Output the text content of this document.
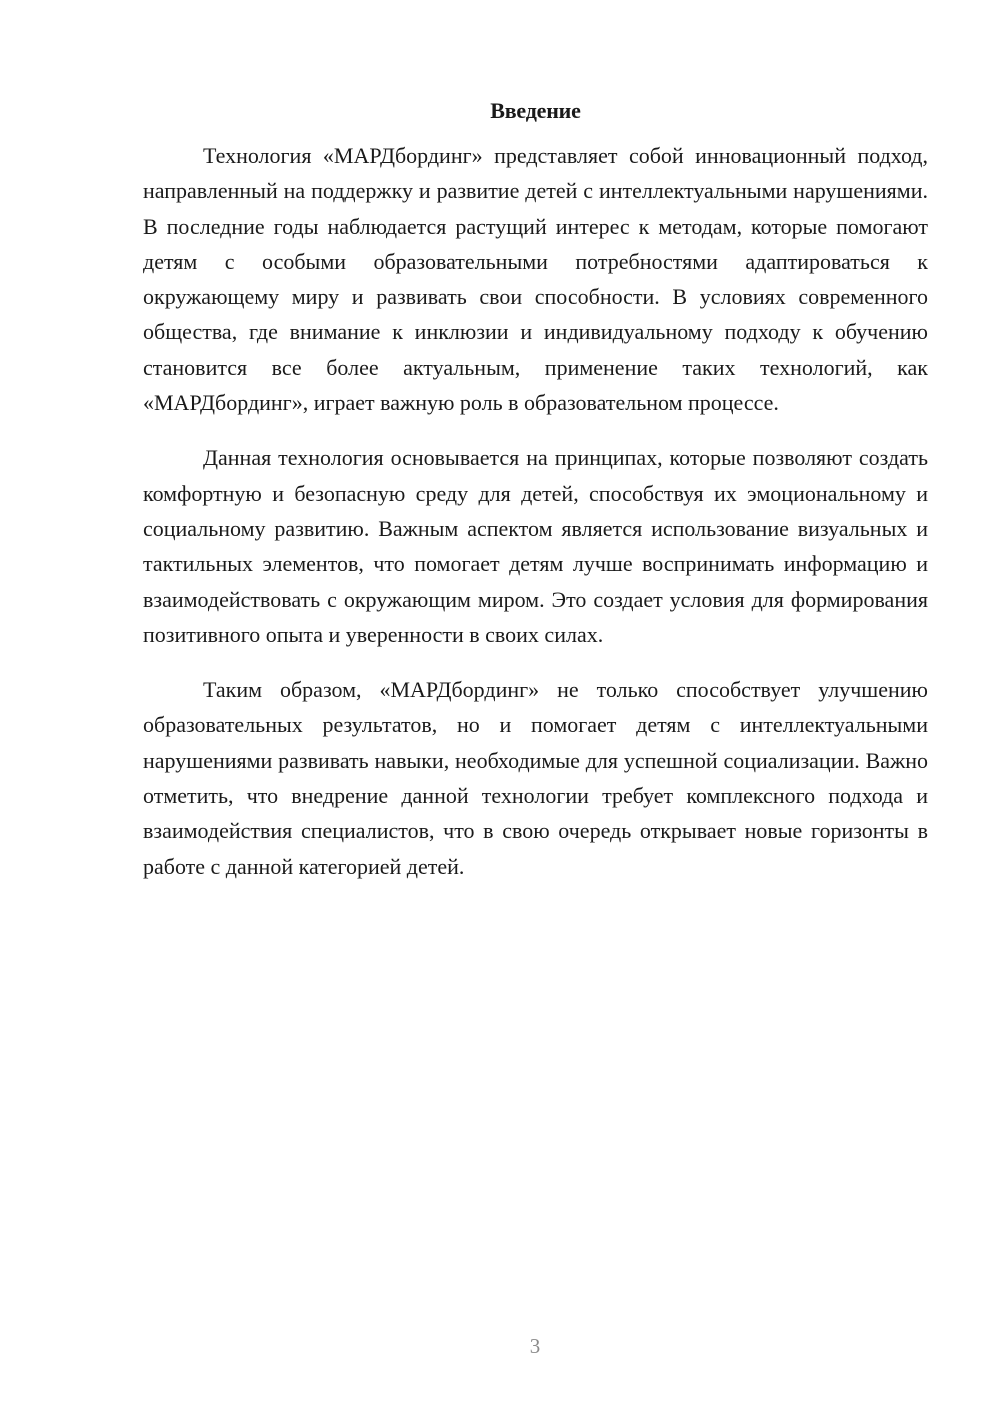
Введение

Технология «МАРДбординг» представляет собой инновационный подход, направленный на поддержку и развитие детей с интеллектуальными нарушениями. В последние годы наблюдается растущий интерес к методам, которые помогают детям с особыми образовательными потребностями адаптироваться к окружающему миру и развивать свои способности. В условиях современного общества, где внимание к инклюзии и индивидуальному подходу к обучению становится все более актуальным, применение таких технологий, как «МАРДбординг», играет важную роль в образовательном процессе.

Данная технология основывается на принципах, которые позволяют создать комфортную и безопасную среду для детей, способствуя их эмоциональному и социальному развитию. Важным аспектом является использование визуальных и тактильных элементов, что помогает детям лучше воспринимать информацию и взаимодействовать с окружающим миром. Это создает условия для формирования позитивного опыта и уверенности в своих силах.

Таким образом, «МАРДбординг» не только способствует улучшению образовательных результатов, но и помогает детям с интеллектуальными нарушениями развивать навыки, необходимые для успешной социализации. Важно отметить, что внедрение данной технологии требует комплексного подхода и взаимодействия специалистов, что в свою очередь открывает новые горизонты в работе с данной категорией детей.

3
